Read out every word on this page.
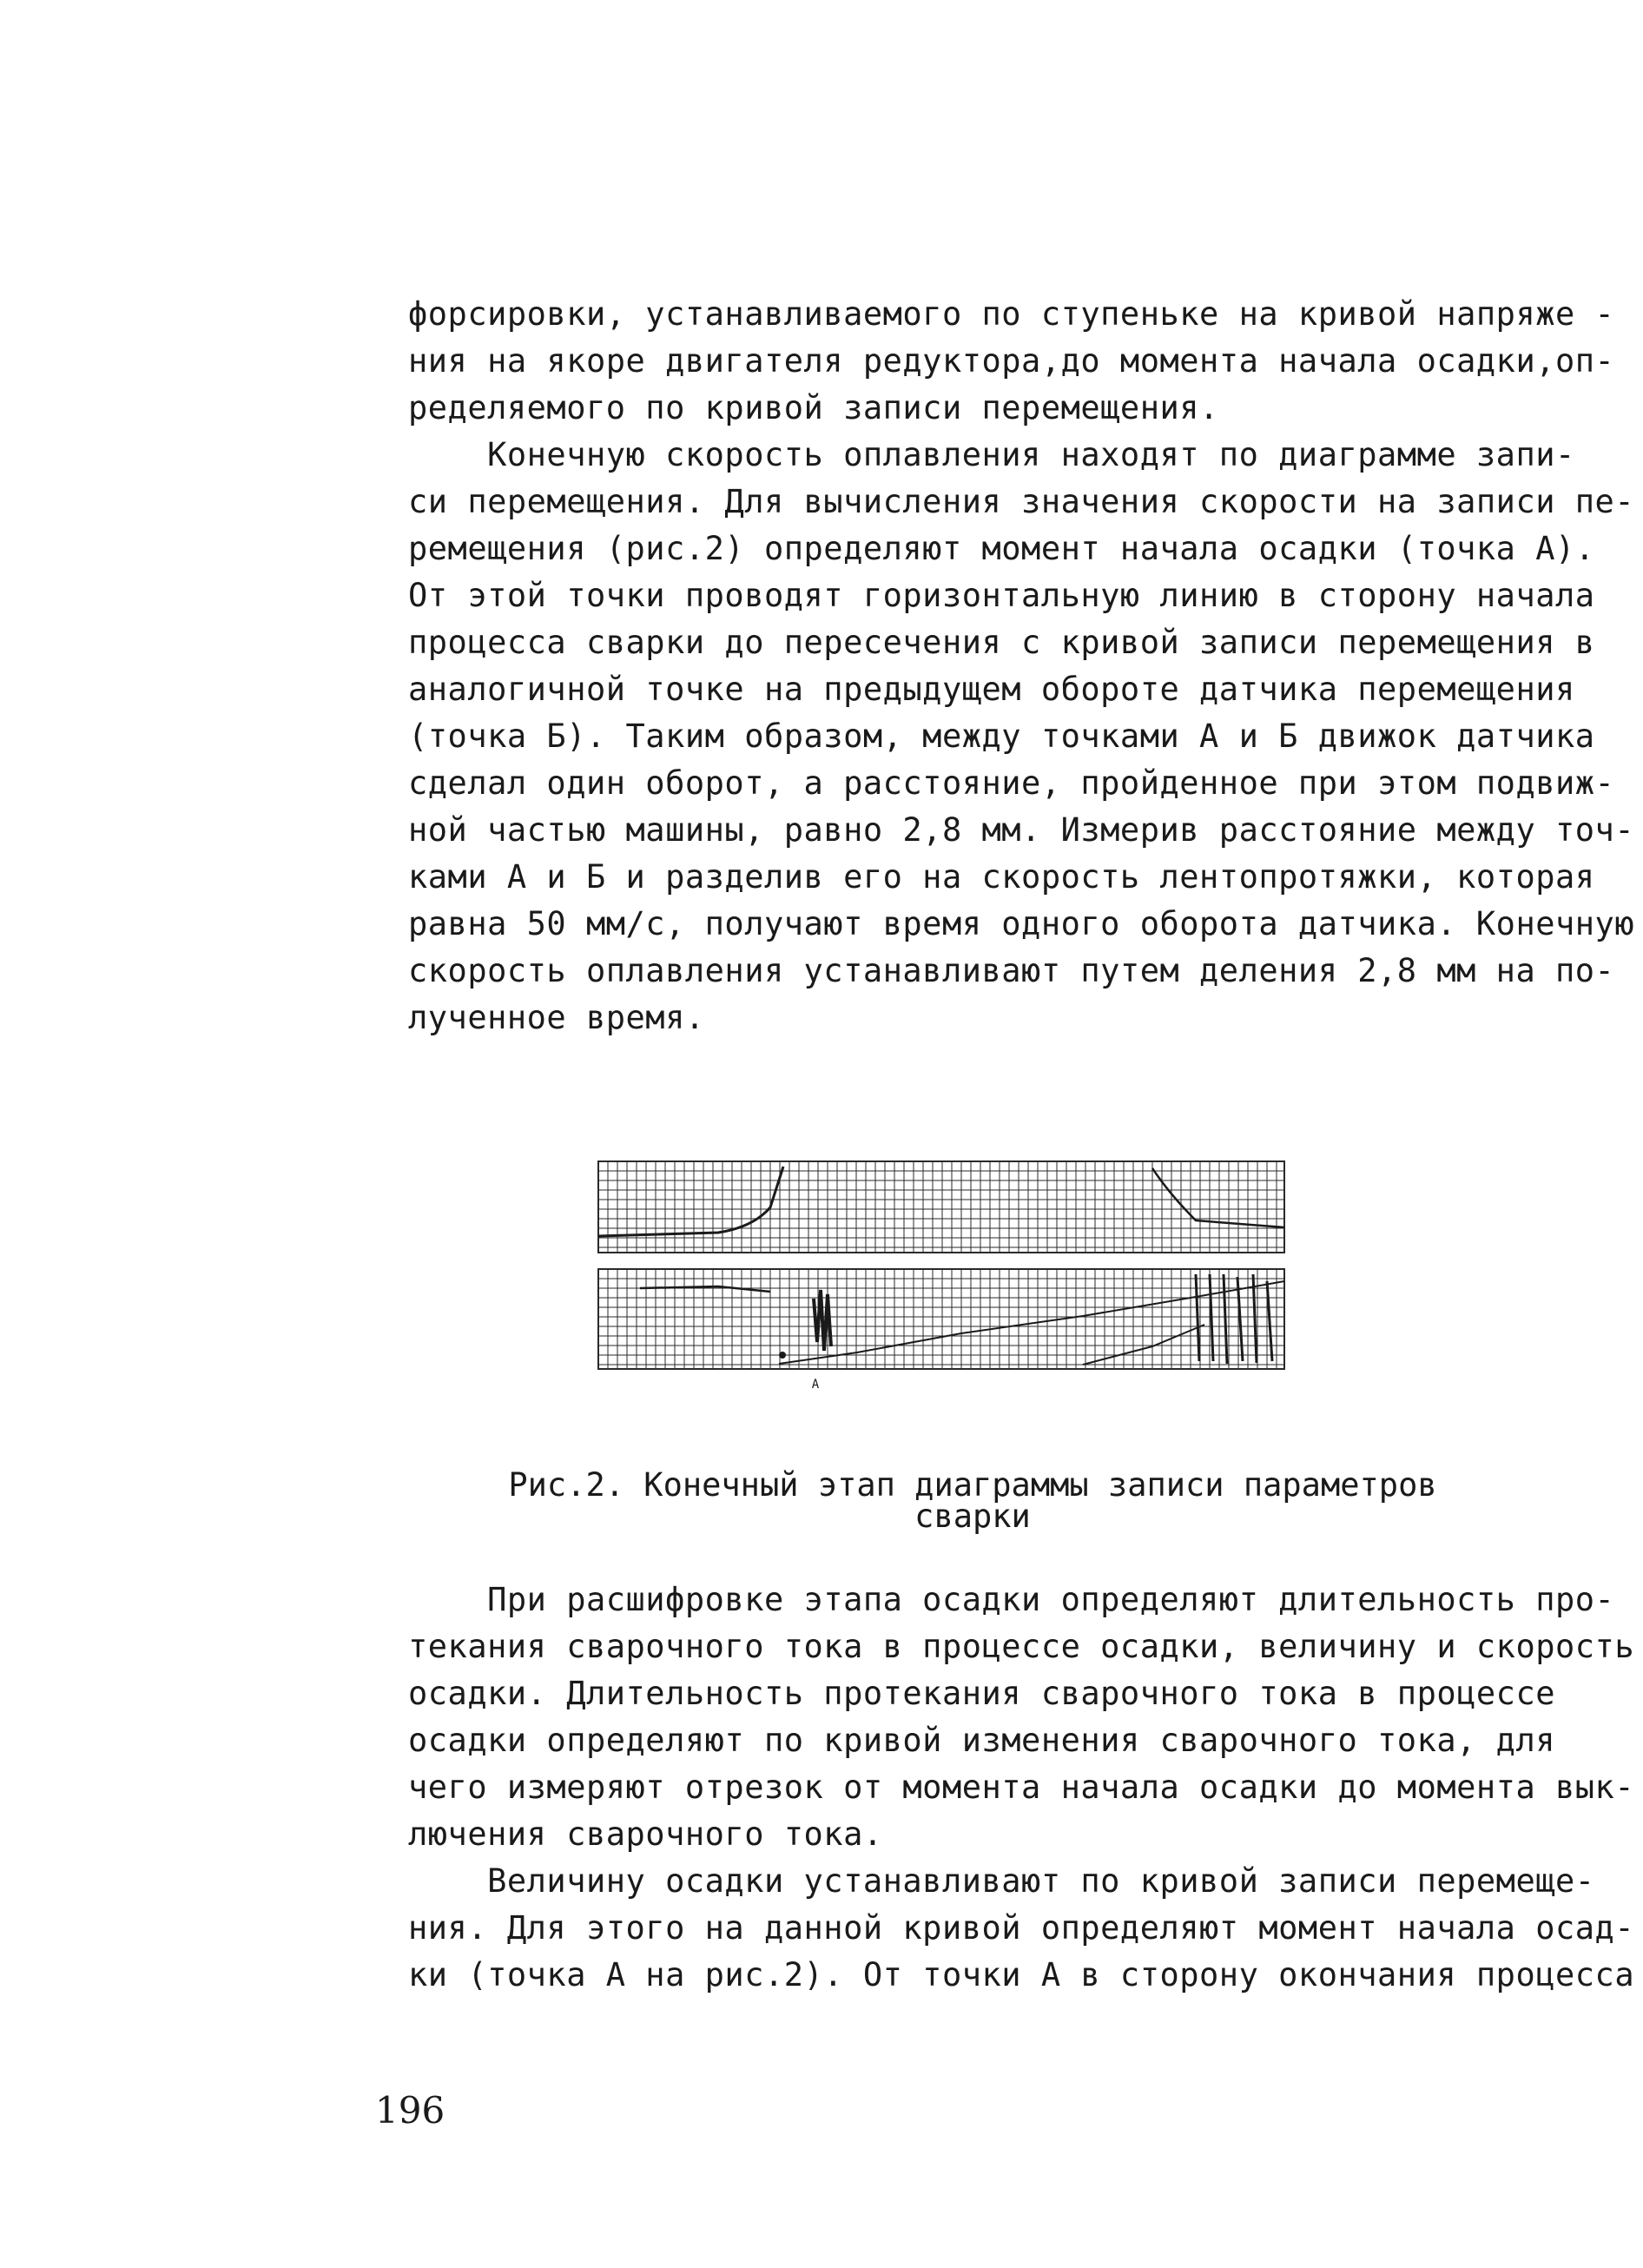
форсировки, устанавливаемого по ступеньке на кривой напряже -
ния на якоре двигателя редуктора,до момента начала осадки,оп-
ределяемого по кривой записи перемещения.
Конечную скорость оплавления находят по диаграмме запи-
си перемещения. Для вычисления значения скорости на записи пе-
ремещения (рис.2) определяют момент начала осадки (точка А).
От этой точки проводят горизонтальную линию в сторону начала
процесса сварки до пересечения с кривой записи перемещения в
аналогичной точке на предыдущем обороте датчика перемещения
(точка Б). Таким образом, между точками А и Б движок датчика
сделал один оборот, а расстояние, пройденное при этом подвиж-
ной частью машины, равно 2,8 мм. Измерив расстояние между точ-
ками А и Б и разделив его на скорость лентопротяжки, которая
равна 50 мм/с, получают время одного оборота датчика. Конечную
скорость оплавления устанавливают путем деления 2,8 мм на по-
лученное время.
А
Рис.2. Конечный этап диаграммы записи параметров
сварки
При расшифровке этапа осадки определяют длительность про-
текания сварочного тока в процессе осадки, величину и скорость
осадки. Длительность протекания сварочного тока в процессе
осадки определяют по кривой изменения сварочного тока, для
чего измеряют отрезок от момента начала осадки до момента вык-
лючения сварочного тока.
Величину осадки устанавливают по кривой записи перемеще-
ния. Для этого на данной кривой определяют момент начала осад-
ки (точка А на рис.2). От точки А в сторону окончания процесса
196
